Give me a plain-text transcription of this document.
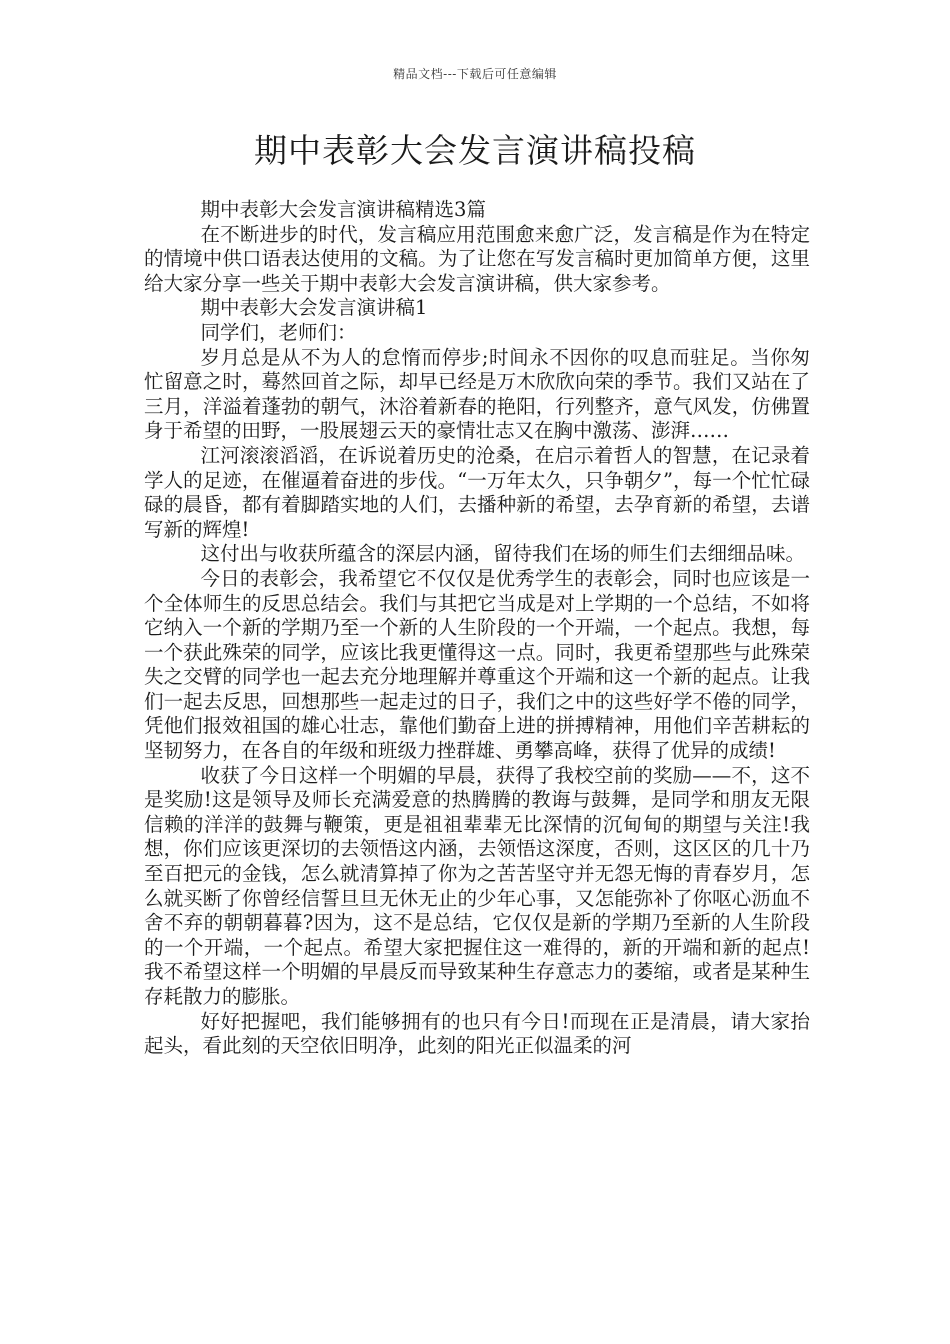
精品文档---下载后可任意编辑
期中表彰大会发言演讲稿投稿

期中表彰大会发言演讲稿精选3篇

在不断进步的时代，发言稿应用范围愈来愈广泛，发言稿是作为在特定的情境中供口语表达使用的文稿。为了让您在写发言稿时更加简单方便，这里给大家分享一些关于期中表彰大会发言演讲稿，供大家参考。

期中表彰大会发言演讲稿1

同学们，老师们：

岁月总是从不为人的怠惰而停步;时间永不因你的叹息而驻足。当你匆忙留意之时，蓦然回首之际，却早已经是万木欣欣向荣的季节。我们又站在了三月，洋溢着蓬勃的朝气，沐浴着新春的艳阳，行列整齐，意气风发，仿佛置身于希望的田野，一股展翅云天的豪情壮志又在胸中激荡、澎湃……

江河滚滚滔滔，在诉说着历史的沧桑，在启示着哲人的智慧，在记录着学人的足迹，在催逼着奋进的步伐。“一万年太久，只争朝夕”，每一个忙忙碌碌的晨昏，都有着脚踏实地的人们，去播种新的希望，去孕育新的希望，去谱写新的辉煌!

这付出与收获所蕴含的深层内涵，留待我们在场的师生们去细细品味。

今日的表彰会，我希望它不仅仅是优秀学生的表彰会，同时也应该是一个全体师生的反思总结会。我们与其把它当成是对上学期的一个总结，不如将它纳入一个新的学期乃至一个新的人生阶段的一个开端，一个起点。我想，每一个获此殊荣的同学，应该比我更懂得这一点。同时，我更希望那些与此殊荣失之交臂的同学也一起去充分地理解并尊重这个开端和这一个新的起点。让我们一起去反思，回想那些一起走过的日子，我们之中的这些好学不倦的同学，凭他们报效祖国的雄心壮志，靠他们勤奋上进的拼搏精神，用他们辛苦耕耘的坚韧努力，在各自的年级和班级力挫群雄、勇攀高峰，获得了优异的成绩!

收获了今日这样一个明媚的早晨，获得了我校空前的奖励——不，这不是奖励!这是领导及师长充满爱意的热腾腾的教诲与鼓舞，是同学和朋友无限信赖的洋洋的鼓舞与鞭策，更是祖祖辈辈无比深情的沉甸甸的期望与关注!我想，你们应该更深切的去领悟这内涵，去领悟这深度，否则，这区区的几十乃至百把元的金钱，怎么就清算掉了你为之苦苦坚守并无怨无悔的青春岁月，怎么就买断了你曾经信誓旦旦无休无止的少年心事，又怎能弥补了你呕心沥血不舍不弃的朝朝暮暮?因为，这不是总结，它仅仅是新的学期乃至新的人生阶段的一个开端，一个起点。希望大家把握住这一难得的，新的开端和新的起点!我不希望这样一个明媚的早晨反而导致某种生存意志力的萎缩，或者是某种生存耗散力的膨胀。

好好把握吧，我们能够拥有的也只有今日!而现在正是清晨，请大家抬起头，看此刻的天空依旧明净，此刻的阳光正似温柔的河
